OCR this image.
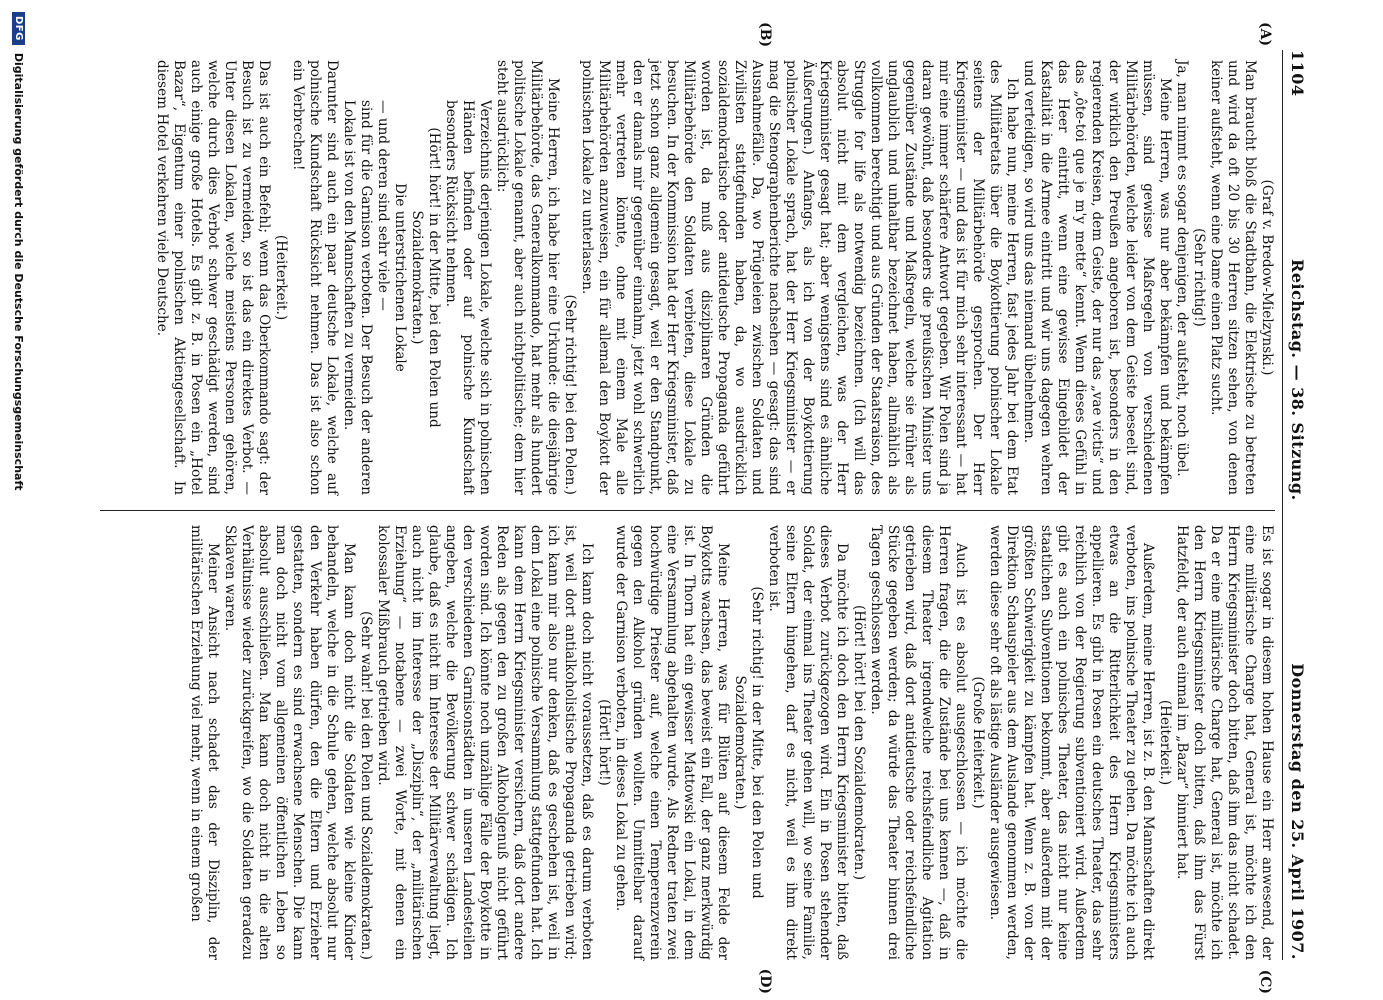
1104
Reichstag. — 38. Sitzung.
Donnerstag den 25. April 1907.
(A)
(B)
(C)
(D)

(Graf v. Bredow-Mielzynski.)

Man braucht bloß die Stadtbahn, die Elektrische zu betreten und wird da oft 20 bis 30 Herren sitzen sehen, von denen keiner aufsteht, wenn eine Dame einen Platz sucht.

(Sehr richtig!)

Ja, man nimmt es sogar denjenigen, der aufsteht, noch übel.

Meine Herren, was nur aber bekämpfen und bekämpfen müssen, sind gewisse Maßregeln von verschiedenen Militärbehörden, welche leider von dem Geiste beseelt sind, der wirklich den Preußen angeboren ist, besonders in den regierenden Kreisen, dem Geiste, der nur das „vae victis“ und das „ôte-toi que je m'y mette“ kennt. Wenn dieses Gefühl in das Heer eintritt, wenn eine gewisse Eingebildet der Kastalität in die Armee eintritt und wir uns dagegen wehren und verteidigen, so wird uns das niemand übelnehmen.

Ich habe nun, meine Herren, fast jedes Jahr bei dem Etat des Militäretats über die Boykottierung polnischer Lokale seitens der Militärbehörde gesprochen. Der Herr Kriegsminister — und das ist für mich sehr interessant — hat mir eine immer schärfere Antwort gegeben. Wir Polen sind ja daran gewöhnt, daß besonders die preußischen Minister uns gegenüber Zustände und Maßregeln, welche sie früher als unglaublich und unhaltbar bezeichnet haben, allmählich als vollkommen berechtigt und aus Gründen der Staatsraison, des Struggle for life als notwendig bezeichnen. (Ich will das absolut nicht mit dem vergleichen, was der Herr Kriegsminister gesagt hat; aber wenigstens sind es ähnliche Äußerungen.) Anfangs, als ich von der Boykottierung polnischer Lokale sprach, hat der Herr Kriegsminister — er mag die Stenographenberichte nachsehen — gesagt: das sind Ausnahmefälle. Da, wo Prügeleien zwischen Soldaten und Zivilisten stattgefunden haben, da, wo ausdrücklich sozialdemokratische oder antideutsche Propaganda geführt worden ist, da muß aus disziplinaren Gründen die Militärbehörde den Soldaten verbieten, diese Lokale zu besuchen. In der Kommission hat der Herr Kriegsminister, daß jetzt schon ganz allgemein gesagt, weil er den Standpunkt, den er damals mir gegenüber einnahm, jetzt wohl schwerlich mehr vertreten könnte, ohne mit einem Male alle Militärbehörden anzuweisen, ein für allemal den Boykott der polnischen Lokale zu unterlassen.

(Sehr richtig! bei den Polen.)

Meine Herren, ich habe hier eine Urkunde: die diesjährige Militärbehörde, das Generalkommando, hat mehr als hundert politische Lokale genannt, aber auch nichtpolitische; dem hier steht ausdrücklich:

Verzeichnis derjenigen Lokale, welche sich in polnischen Händen befinden oder auf polnische Kundschaft besonders Rücksicht nehmen.

(Hört! hört! in der Mitte, bei den Polen und Sozialdemokraten.)

Die unterstrichenen Lokale

— und deren sind sehr viele —

sind für die Garnison verboten. Der Besuch der anderen Lokale ist von den Mannschaften zu vermeiden.

Darunter sind auch ein paar deutsche Lokale, welche auf polnische Kundschaft Rücksicht nehmen. Das ist also schon ein Verbrechen!

(Heiterkeit.)

Das ist auch ein Befehl; wenn das Oberkommando sagt: der Besuch ist zu vermeiden, so ist das ein direktes Verbot. — Unter diesen Lokalen, welche meistens Personen gehören, welche durch dies Verbot schwer geschädigt werden, sind auch einige große Hotels. Es gibt z. B. in Posen ein „Hotel Bazar“, Eigentum einer polnischen Aktiengesellschaft. In diesem Hotel verkehren viele Deutsche.

Es ist sogar in diesem hohen Hause ein Herr anwesend, der eine militärische Charge hat, General ist, möchte ich den Herrn Kriegsminister doch bitten, daß ihm das nicht schadet. Da er eine militärische Charge hat, General ist, möchte ich den Herrn Kriegsminister doch bitten, daß ihm das Fürst Hatzfeldt, der auch einmal im „Bazar“ binniert hat.

(Heiterkeit.)

Außerdem, meine Herren, ist z. B. den Mannschaften direkt verboten, ins polnische Theater zu gehen. Da möchte ich auch etwas an die Ritterlichkeit des Herrn Kriegsministers appellieren. Es gibt in Posen ein deutsches Theater, das sehr reichlich von der Regierung subventioniert wird. Außerdem gibt es auch ein polnisches Theater, das nicht nur keine staatlichen Subventionen bekommt, aber außerdem mit der größten Schwierigkeit zu kämpfen hat. Wenn z. B. von der Direktion Schauspieler aus dem Auslande genommen werden, werden diese sehr oft als lästige Ausländer ausgewiesen.

(Große Heiterkeit.)

Auch ist es absolut ausgeschlossen — ich möchte die Herren fragen, die die Zustände bei uns kennen —, daß in diesem Theater irgendwelche reichsfeindliche Agitation getrieben wird, daß dort antideutsche oder reichsfeindliche Stücke gegeben werden; da würde das Theater binnen drei Tagen geschlossen werden.

(Hört! hört! bei den Sozialdemokraten.)

Da möchte ich doch den Herrn Kriegsminister bitten, daß dieses Verbot zurückgezogen wird. Ein in Posen stehender Soldat, der einmal ins Theater gehen will, wo seine Familie, seine Eltern hingehen, darf es nicht, weil es ihm direkt verboten ist.

(Sehr richtig! in der Mitte, bei den Polen und Sozialdemokraten.)

Meine Herren, was für Blüten auf diesem Felde der Boykotts wachsen, das beweist ein Fall, der ganz merkwürdig ist. In Thorn hat ein gewisser Mattowski ein Lokal, in dem eine Versammlung abgehalten wurde. Als Redner traten zwei hochwürdige Priester auf, welche einen Temperenzverein gegen den Alkohol gründen wollten. Unmittelbar darauf wurde der Garnison verboten, in dieses Lokal zu gehen.

(Hört! hört!)

Ich kann doch nicht voraussetzen, daß es darum verboten ist, weil dort antialkoholistische Propaganda getrieben wird; ich kann mir also nur denken, daß es geschehen ist, weil in dem Lokal eine polnische Versammlung stattgefunden hat. Ich kann dem Herrn Kriegsminister versichern, daß dort andere Reden als gegen den zu großen Alkoholgenuß nicht geführt worden sind. Ich könnte noch unzählige Fälle der Boykotte in den verschiedenen Garnisonstädten in unseren Landesteilen angeben, welche die Bevölkerung schwer schädigen. Ich glaube, daß es nicht im Interesse der Militärverwaltung liegt, auch nicht im Interesse der „Disziplin“, der „militärischen Erziehung“ — notabene — zwei Worte, mit denen ein kolossaler Mißbrauch getrieben wird.

(Sehr wahr! bei den Polen und Sozialdemokraten.)

Man kann doch nicht die Soldaten wie kleine Kinder behandeln, welche in die Schule gehen, welche absolut nur den Verkehr haben dürfen, den die Eltern und Erzieher gestatten, sondern es sind erwachsene Menschen. Die kann man doch nicht vom allgemeinen öffentlichen Leben so absolut ausschließen. Man kann doch nicht in die alten Verhältnisse wieder zurückgreifen, wo die Soldaten geradezu Sklaven waren.

Meiner Ansicht nach schadet das der Disziplin, der militärischen Erziehung viel mehr, wenn in einem großen

DFG
Digitalisierung gefördert durch die Deutsche Forschungsgemeinschaft
